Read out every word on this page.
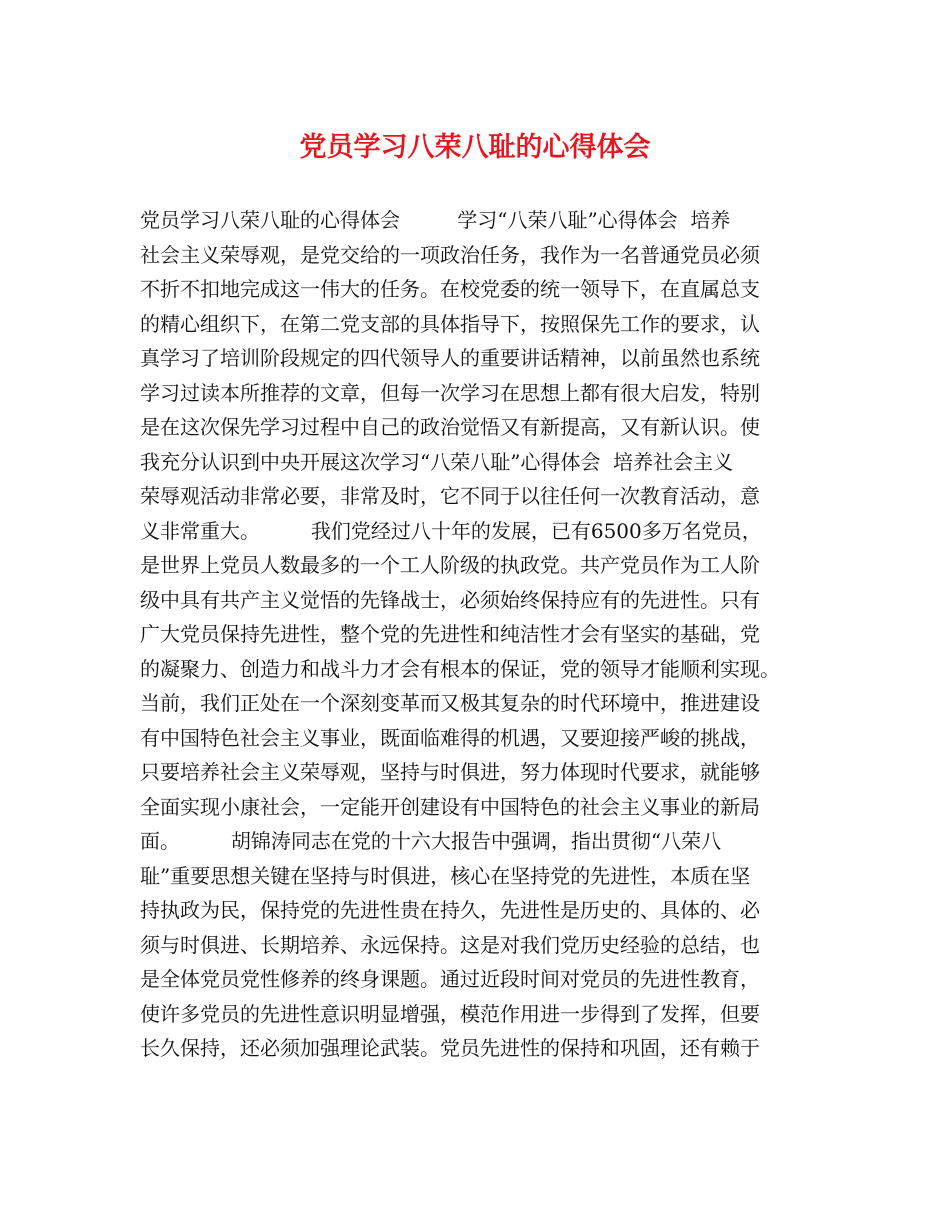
党员学习八荣八耻的心得体会
党员学习八荣八耻的心得体会         学习“八荣八耻”心得体会  培养
社会主义荣辱观，是党交给的一项政治任务，我作为一名普通党员必须
不折不扣地完成这一伟大的任务。在校党委的统一领导下，在直属总支
的精心组织下，在第二党支部的具体指导下，按照保先工作的要求，认
真学习了培训阶段规定的四代领导人的重要讲话精神，以前虽然也系统
学习过读本所推荐的文章，但每一次学习在思想上都有很大启发，特别
是在这次保先学习过程中自己的政治觉悟又有新提高，又有新认识。使
我充分认识到中央开展这次学习“八荣八耻”心得体会  培养社会主义
荣辱观活动非常必要，非常及时，它不同于以往任何一次教育活动，意
义非常重大。        我们党经过八十年的发展，已有6500多万名党员，
是世界上党员人数最多的一个工人阶级的执政党。共产党员作为工人阶
级中具有共产主义觉悟的先锋战士，必须始终保持应有的先进性。只有
广大党员保持先进性，整个党的先进性和纯洁性才会有坚实的基础，党
的凝聚力、创造力和战斗力才会有根本的保证，党的领导才能顺利实现。
当前，我们正处在一个深刻变革而又极其复杂的时代环境中，推进建设
有中国特色社会主义事业，既面临难得的机遇，又要迎接严峻的挑战，
只要培养社会主义荣辱观，坚持与时俱进，努力体现时代要求，就能够
全面实现小康社会，一定能开创建设有中国特色的社会主义事业的新局
面。        胡锦涛同志在党的十六大报告中强调，指出贯彻“八荣八
耻”重要思想关键在坚持与时俱进，核心在坚持党的先进性，本质在坚
持执政为民，保持党的先进性贵在持久，先进性是历史的、具体的、必
须与时俱进、长期培养、永远保持。这是对我们党历史经验的总结，也
是全体党员党性修养的终身课题。通过近段时间对党员的先进性教育，
使许多党员的先进性意识明显增强，模范作用进一步得到了发挥，但要
长久保持，还必须加强理论武装。党员先进性的保持和巩固，还有赖于
